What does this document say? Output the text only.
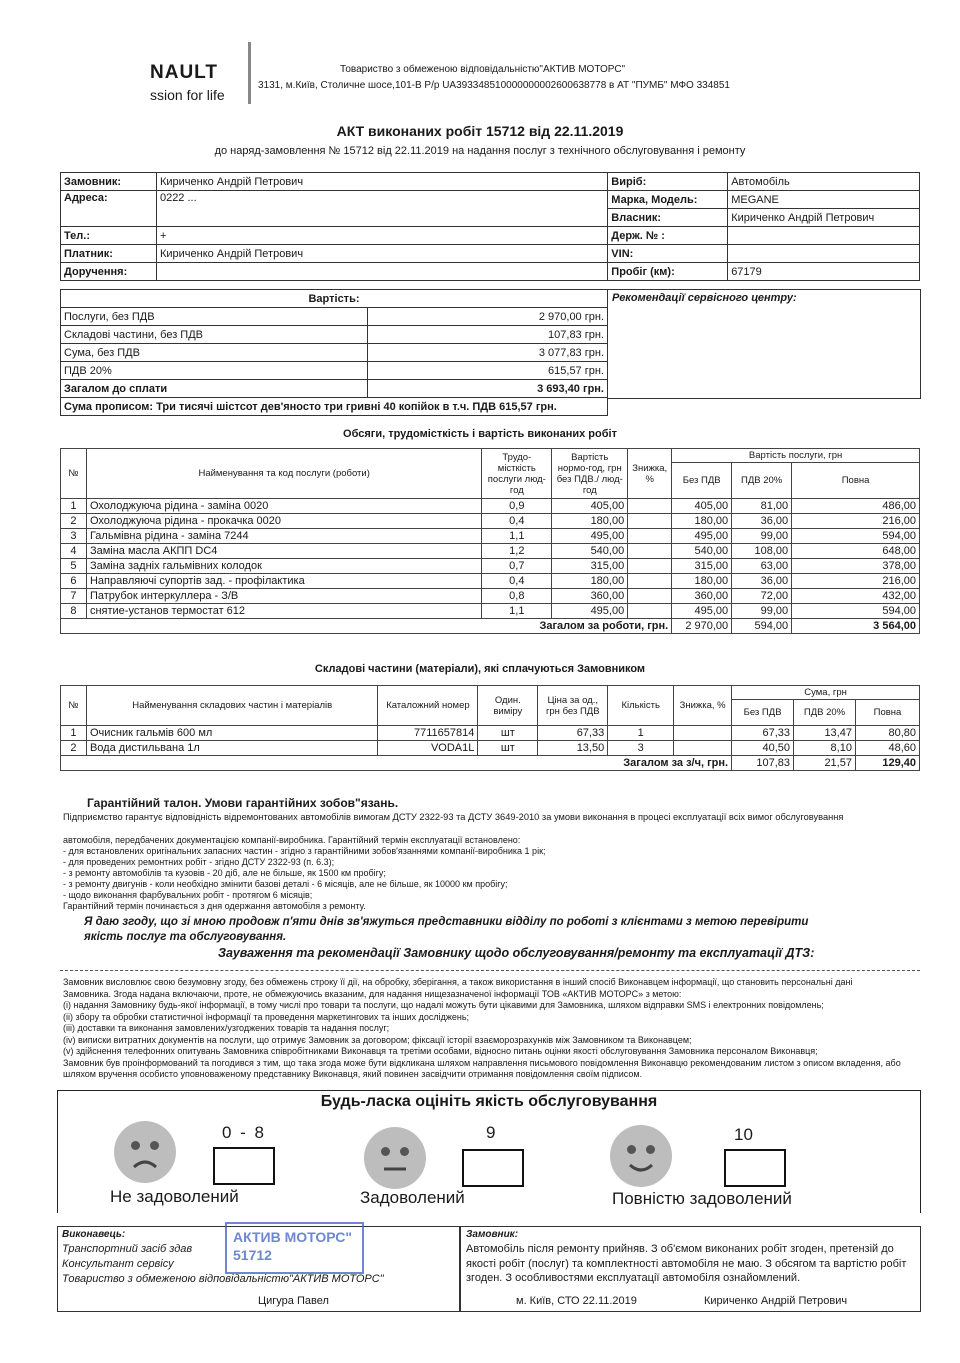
NAULT
ssion for life
Товариство з обмеженою відповідальністю"АКТИВ МОТОРС"
3131, м.Київ, Столичне шосе,101-В Р/р UA393348510000000002600638778 в АТ "ПУМБ" МФО 334851
АКТ виконаних робіт 15712 від 22.11.2019
до наряд-замовлення № 15712 від 22.11.2019 на надання послуг з технічного обслуговування і ремонту
Замовник:	Кириченко Андрій Петрович	Виріб:	Автомобіль
Адреса:	0222 ...	Марка, Модель:	MEGANE
		Власник:	Кириченко Андрій Петрович
Тел.:	+	Держ. № :	
Платник:	Кириченко Андрій Петрович	VIN:	
Доручення:		Пробіг (км):	67179
Вартість:	
Послуги, без ПДВ	2 970,00 грн.
Складові частини, без ПДВ	107,83 грн.
Сума, без ПДВ	3 077,83 грн.
ПДВ 20%	615,57 грн.
Загалом до сплати	3 693,40 грн.
Сума прописом: Три тисячі шістсот дев'яносто три гривні 40 копійок в т.ч. ПДВ 615,57 грн.	
Рекомендації сервісного центру:
Обсяги, трудомісткість і вартість виконаних робіт
№	Найменування та код послуги (роботи)	Трудо-місткість послуги люд-год	Вартість нормо-год, грн без ПДВ./ люд-год	Знижка, %	Вартість послуги, грн		
					Без ПДВ	ПДВ 20%	Повна
1	Охолоджуюча рідина - заміна 0020	0,9	405,00		405,00	81,00	486,00
2	Охолоджуюча рідина - прокачка 0020	0,4	180,00		180,00	36,00	216,00
3	Гальмівна рідина - заміна 7244	1,1	495,00		495,00	99,00	594,00
4	Заміна масла АКПП DC4	1,2	540,00		540,00	108,00	648,00
5	Заміна задніх гальмівних колодок	0,7	315,00		315,00	63,00	378,00
6	Направляючі супортів зад. - профілактика	0,4	180,00		180,00	36,00	216,00
7	Патрубок интеркуллера - З/В	0,8	360,00		360,00	72,00	432,00
8	снятие-установ термостат 612	1,1	495,00		495,00	99,00	594,00
Загалом за роботи, грн.					2 970,00	594,00	3 564,00
Складові частини (матеріали), які сплачуються Замовником
№	Найменування складових частин і матеріалів	Каталожний номер	Один. виміру	Ціна за од., грн без ПДВ	Кількість	Знижка, %	Сума, грн		
							Без ПДВ	ПДВ 20%	Повна
1	Очисник гальмів 600 мл	7711657814	шт	67,33	1		67,33	13,47	80,80
2	Вода дистильвана 1л	VODA1L	шт	13,50	3		40,50	8,10	48,60
Загалом за з/ч, грн.							107,83	21,57	129,40
Гарантійний талон. Умови гарантійних зобов"язань.
Підприємство гарантує відповідність відремонтованих автомобілів вимогам ДСТУ 2322-93 та ДСТУ 3649-2010 за умови виконання в процесі експлуатації всіх вимог обслуговування
автомобіля, передбачених документацією компанії-виробника. Гарантійний термін експлуатації встановлено:
- для встановлених оригінальних запасних частин - згідно з гарантійними зобов'язаннями компанії-виробника 1 рік;
- для проведених ремонтних робіт - згідно ДСТУ 2322-93 (п. 6.3);
- з ремонту автомобілів та кузовів - 20 діб, але не більше, як 1500 км пробігу;
- з ремонту двигунів - коли необхідно змінити базові деталі - 6 місяців, але не більше, як 10000 км пробігу;
- щодо виконання фарбувальних робіт - протягом 6 місяців;
Гарантійний термін починається з дня одержання автомобіля з ремонту.
Я даю згоду, що зі мною продовж п'яти днів зв'яжуться представники відділу по роботі з клієнтами з метою перевірити якість послуг та обслуговування.
Зауваження та рекомендації Замовнику щодо обслуговування/ремонту та експлуатації ДТЗ:
Замовник висловлює свою безумовну згоду, без обмежень строку її дії, на обробку, зберігання, а також використання в інший спосіб Виконавцем інформації, що становить персональні дані
Замовника. Згода надана включаючи, проте, не обмежуючись вказаним, для надання нищезазначеної інформації ТОВ «АКТИВ МОТОРС» з метою:
(і) надання Замовнику будь-якої інформації, в тому числі про товари та послуги, що надалі можуть бути цікавими для Замовника, шляхом відправки SMS і електронних повідомлень;
(іі) збору та обробки статистичної інформації та проведення маркетингових та інших досліджень;
(ііі) доставки та виконання замовлених/узгоджених товарів та надання послуг;
(іv) виписки витратних документів на послуги, що отримує Замовник за договором; фіксації історії взаєморозрахунків між Замовником та Виконавцем;
(v) здійснення телефонних опитувань Замовника співробітниками Виконавця та третіми особами, відносно питань оцінки якості обслуговування Замовника персоналом Виконавця;
Замовник був проінформований та погодився з тим, що така згода може бути відкликана шляхом направлення письмового повідомлення Виконавцю рекомендованим листом з описом вкладення, або
шляхом вручення особисто уповноваженому представнику Виконавця, який повинен засвідчити отримання повідомлення своїм підписом.
Будь-ласка оцініть якість обслуговування
0 - 8
Не задоволений
9
Задоволений
10
Повністю задоволений
Виконавець:
Транспортний засіб здав
Консультант сервісу
Товариство з обмеженою відповідальністю"АКТИВ МОТОРС"
Цигура Павел
АКТИВ МОТОРС" 51712
Замовник:
Автомобіль після ремонту прийняв. З об'ємом виконаних робіт згоден, претензій до якості робіт (послуг) та комплектності автомобіля не маю. З обсягом та вартістю робіт згоден. З особливостями експлуатації автомобіля ознайомлений.
м. Київ, СТО 22.11.2019	Кириченко Андрій Петрович
